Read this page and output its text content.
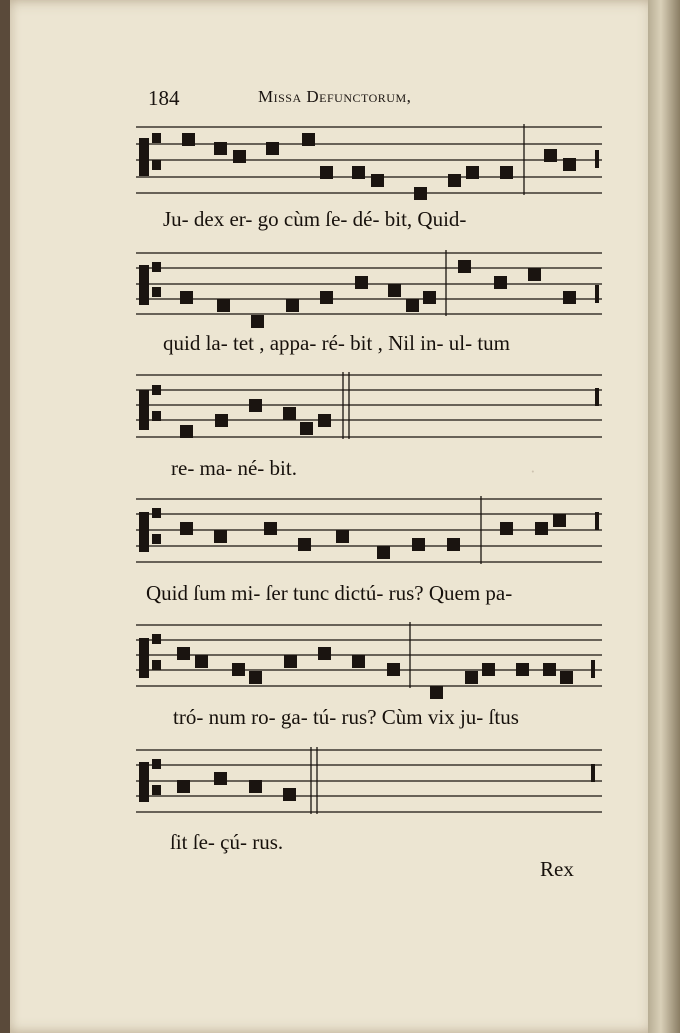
184	Missa Defunctorum,
·
Ju- dex er- go cùm ſe- dé- bit, Quid-
quid la- tet , appa- ré- bit , Nil in- ul- tum
re- ma- né- bit.
Quid ſum mi- ſer tunc dictú- rus? Quem pa-
tró- num ro- ga- tú- rus? Cùm vix ju- ſtus
ſit ſe- çú- rus.
Rex
